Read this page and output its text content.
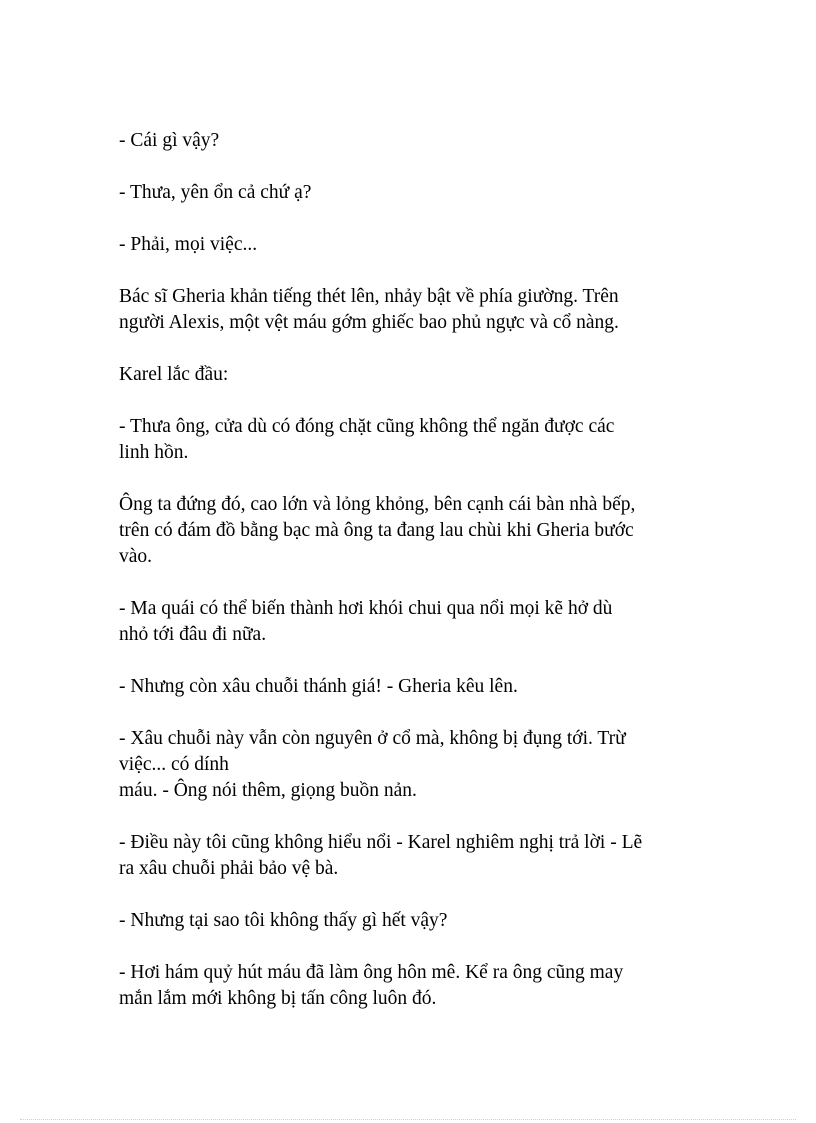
- Cái gì vậy?

- Thưa, yên ổn cả chứ ạ?

- Phải, mọi việc...

Bác sĩ Gheria khản tiếng thét lên, nhảy bật về phía giường. Trên
người Alexis, một vệt máu gớm ghiếc bao phủ ngực và cổ nàng.

Karel lắc đầu:

- Thưa ông, cửa dù có đóng chặt cũng không thể ngăn được các
linh hồn.

Ông ta đứng đó, cao lớn và lỏng khỏng, bên cạnh cái bàn nhà bếp,
trên có đám đồ bằng bạc mà ông ta đang lau chùi khi Gheria bước
vào.

- Ma quái có thể biến thành hơi khói chui qua nổi mọi kẽ hở dù
nhỏ tới đâu đi nữa.

- Nhưng còn xâu chuỗi thánh giá! - Gheria kêu lên.

- Xâu chuỗi này vẫn còn nguyên ở cổ mà, không bị đụng tới. Trừ
việc... có dính
máu. - Ông nói thêm, giọng buồn nản.

- Điều này tôi cũng không hiểu nổi - Karel nghiêm nghị trả lời - Lẽ
ra xâu chuỗi phải bảo vệ bà.

- Nhưng tại sao tôi không thấy gì hết vậy?

- Hơi hám quỷ hút máu đã làm ông hôn mê. Kể ra ông cũng may
mắn lắm mới không bị tấn công luôn đó.
